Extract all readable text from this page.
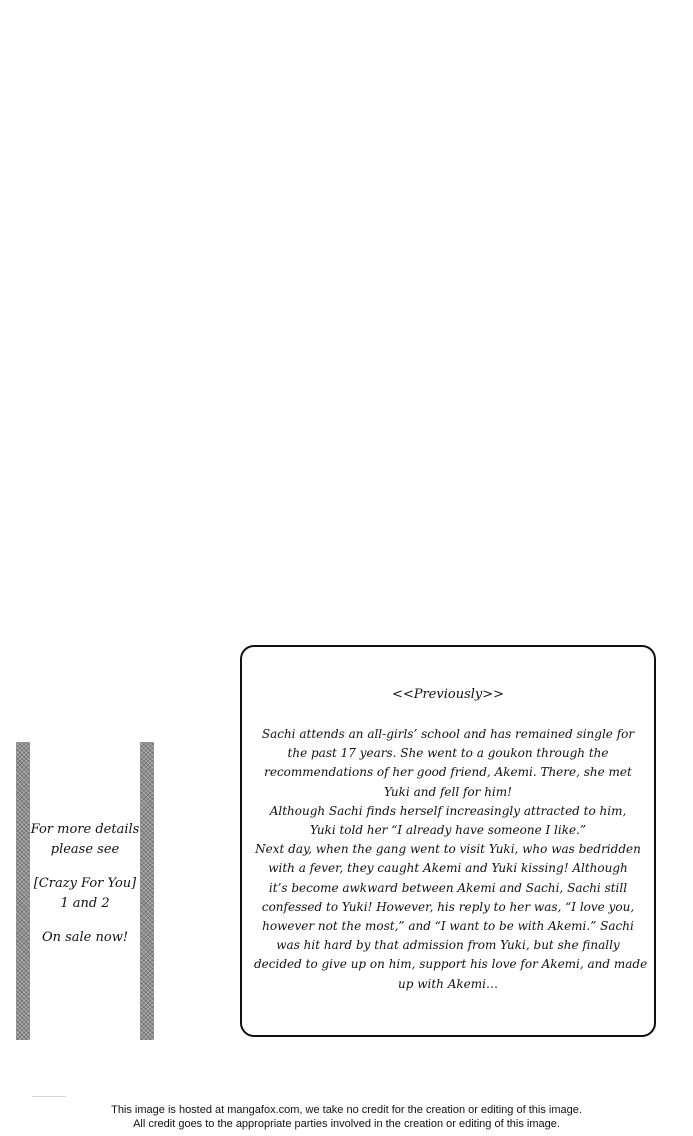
For more details
please see
[Crazy For You]
1 and 2
On sale now!
<<Previously>>

Sachi attends an all-girls’ school and has remained single for
the past 17 years. She went to a goukon through the
recommendations of her good friend, Akemi. There, she met
Yuki and fell for him!
Although Sachi finds herself increasingly attracted to him,
Yuki told her “I already have someone I like.”
Next day, when the gang went to visit Yuki, who was bedridden
with a fever, they caught Akemi and Yuki kissing! Although
it’s become awkward between Akemi and Sachi, Sachi still
confessed to Yuki! However, his reply to her was, “I love you,
however not the most,” and “I want to be with Akemi.” Sachi
was hit hard by that admission from Yuki, but she finally
decided to give up on him, support his love for Akemi, and made
up with Akemi…

This image is hosted at mangafox.com, we take no credit for the creation or editing of this image.
All credit goes to the appropriate parties involved in the creation or editing of this image.
